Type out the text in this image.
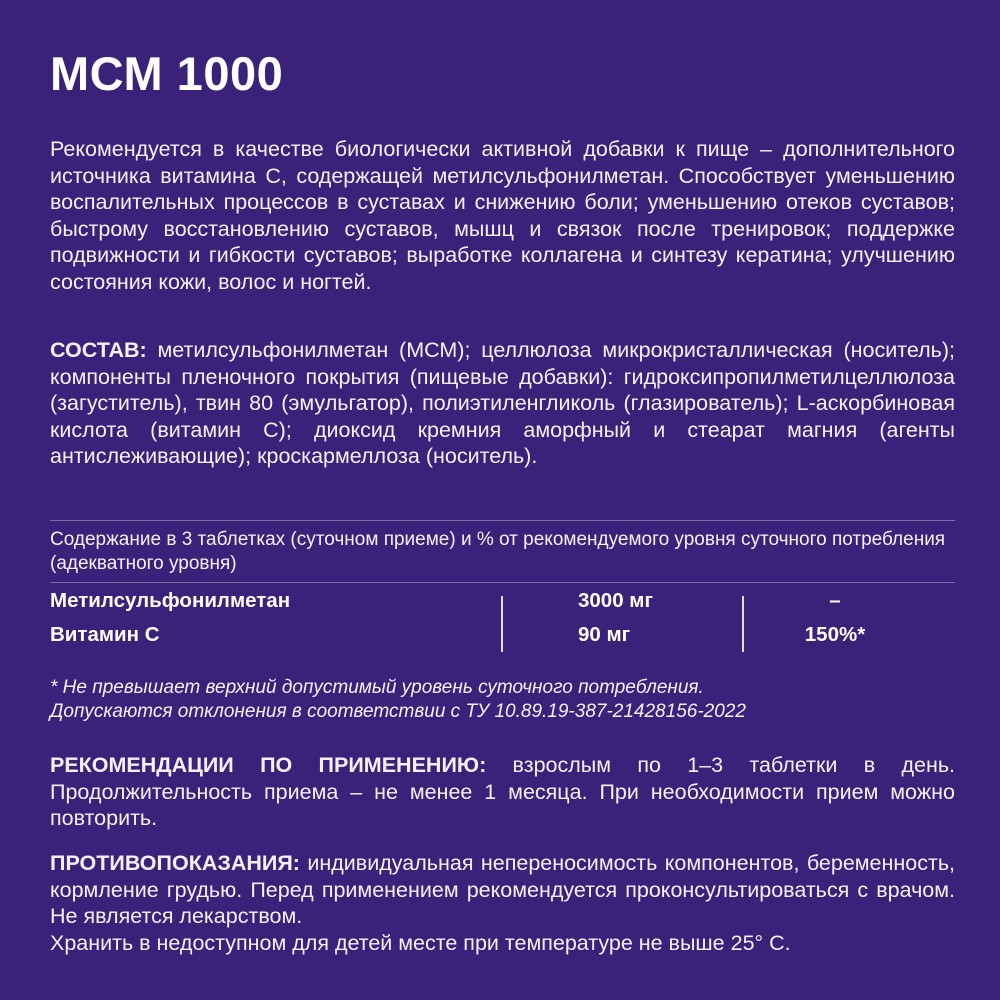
МСМ 1000

Рекомендуется в качестве биологически активной добавки к пище – дополнительного источника витамина С, содержащей метилсульфонилметан. Способствует уменьшению воспалительных процессов в суставах и снижению боли; уменьшению отеков суставов; быстрому восстановлению суставов, мышц и связок после тренировок; поддержке подвижности и гибкости суставов; выработке коллагена и синтезу кератина; улучшению состояния кожи, волос и ногтей.

СОСТАВ: метилсульфонилметан (МСМ); целлюлоза микрокристаллическая (носитель); компоненты пленочного покрытия (пищевые добавки): гидроксипропилметилцеллюлоза (загуститель), твин 80 (эмульгатор), полиэтиленгликоль (глазирователь); L-аскорбиновая кислота (витамин С); диоксид кремния аморфный и стеарат магния (агенты антислеживающие); кроскармеллоза (носитель).

Содержание в 3 таблетках (суточном приеме) и % от рекомендуемого уровня суточного потребления (адекватного уровня)
Метилсульфонилметан	3000 мг	–
Витамин С	90 мг	150%*
* Не превышает верхний допустимый уровень суточного потребления.
Допускаются отклонения в соответствии с ТУ 10.89.19-387-21428156-2022

РЕКОМЕНДАЦИИ ПО ПРИМЕНЕНИЮ: взрослым по 1–3 таблетки в день. Продолжительность приема – не менее 1 месяца. При необходимости прием можно повторить.

ПРОТИВОПОКАЗАНИЯ: индивидуальная непереносимость компонентов, беременность, кормление грудью. Перед применением рекомендуется проконсультироваться с врачом. Не является лекарством.
Хранить в недоступном для детей месте при температуре не выше 25° С.
